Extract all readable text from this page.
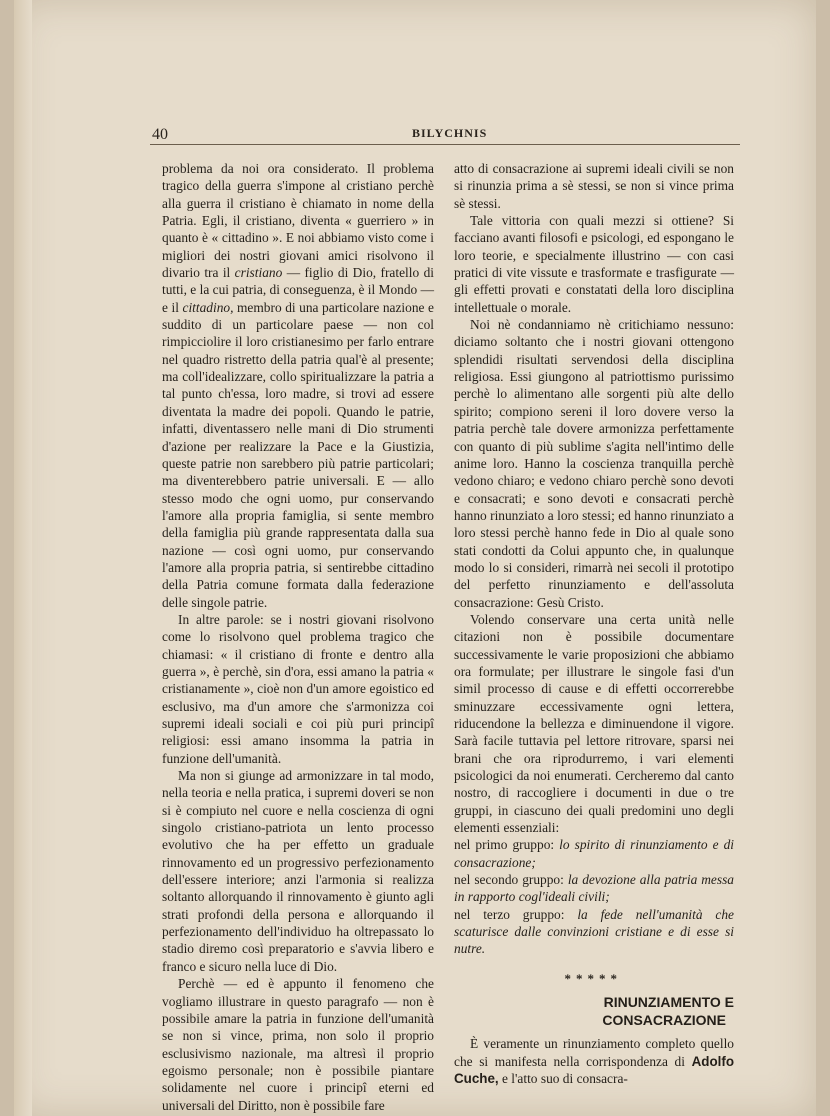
40	BILYCHNIS

problema da noi ora considerato. Il problema tragico della guerra s'impone al cristiano perchè alla guerra il cristiano è chiamato in nome della Patria. Egli, il cristiano, diventa « guerriero » in quanto è « cittadino ». E noi abbiamo visto come i migliori dei nostri giovani amici risolvono il divario tra il cristiano — figlio di Dio, fratello di tutti, e la cui patria, di conseguenza, è il Mondo — e il cittadino, membro di una particolare nazione e suddito di un particolare paese — non col rimpicciolire il loro cristianesimo per farlo entrare nel quadro ristretto della patria qual'è al presente; ma coll'idealizzare, collo spiritualizzare la patria a tal punto ch'essa, loro madre, si trovi ad essere diventata la madre dei popoli. Quando le patrie, infatti, diventassero nelle mani di Dio strumenti d'azione per realizzare la Pace e la Giustizia, queste patrie non sarebbero più patrie particolari; ma diventerebbero patrie universali. E — allo stesso modo che ogni uomo, pur conservando l'amore alla propria famiglia, si sente membro della famiglia più grande rappresentata dalla sua nazione — così ogni uomo, pur conservando l'amore alla propria patria, si sentirebbe cittadino della Patria comune formata dalla federazione delle singole patrie.

In altre parole: se i nostri giovani risolvono come lo risolvono quel problema tragico che chiamasi: « il cristiano di fronte e dentro alla guerra », è perchè, sin d'ora, essi amano la patria « cristianamente », cioè non d'un amore egoistico ed esclusivo, ma d'un amore che s'armonizza coi supremi ideali sociali e coi più puri principî religiosi: essi amano insomma la patria in funzione dell'umanità.

Ma non si giunge ad armonizzare in tal modo, nella teoria e nella pratica, i supremi doveri se non si è compiuto nel cuore e nella coscienza di ogni singolo cristiano-patriota un lento processo evolutivo che ha per effetto un graduale rinnovamento ed un progressivo perfezionamento dell'essere interiore; anzi l'armonia si realizza soltanto allorquando il rinnovamento è giunto agli strati profondi della persona e allorquando il perfezionamento dell'individuo ha oltrepassato lo stadio diremo così preparatorio e s'avvia libero e franco e sicuro nella luce di Dio.

Perchè — ed è appunto il fenomeno che vogliamo illustrare in questo paragrafo — non è possibile amare la patria in funzione dell'umanità se non si vince, prima, non solo il proprio esclusivismo nazionale, ma altresì il proprio egoismo personale; non è possibile piantare solidamente nel cuore i principî eterni ed universali del Diritto, non è possibile fare

atto di consacrazione ai supremi ideali civili se non si rinunzia prima a sè stessi, se non si vince prima sè stessi.

Tale vittoria con quali mezzi si ottiene? Si facciano avanti filosofi e psicologi, ed espongano le loro teorie, e specialmente illustrino — con casi pratici di vite vissute e trasformate e trasfigurate — gli effetti provati e constatati della loro disciplina intellettuale o morale.

Noi nè condanniamo nè critichiamo nessuno: diciamo soltanto che i nostri giovani ottengono splendidi risultati servendosi della disciplina religiosa. Essi giungono al patriottismo purissimo perchè lo alimentano alle sorgenti più alte dello spirito; compiono sereni il loro dovere verso la patria perchè tale dovere armonizza perfettamente con quanto di più sublime s'agita nell'intimo delle anime loro. Hanno la coscienza tranquilla perchè vedono chiaro; e vedono chiaro perchè sono devoti e consacrati; e sono devoti e consacrati perchè hanno rinunziato a loro stessi; ed hanno rinunziato a loro stessi perchè hanno fede in Dio al quale sono stati condotti da Colui appunto che, in qualunque modo lo si consideri, rimarrà nei secoli il prototipo del perfetto rinunziamento e dell'assoluta consacrazione: Gesù Cristo.

Volendo conservare una certa unità nelle citazioni non è possibile documentare successivamente le varie proposizioni che abbiamo ora formulate; per illustrare le singole fasi d'un simil processo di cause e di effetti occorrerebbe sminuzzare eccessivamente ogni lettera, riducendone la bellezza e diminuendone il vigore. Sarà facile tuttavia pel lettore ritrovare, sparsi nei brani che ora riprodurremo, i vari elementi psicologici da noi enumerati. Cercheremo dal canto nostro, di raccogliere i documenti in due o tre gruppi, in ciascuno dei quali predomini uno degli elementi essenziali:

nel primo gruppo: lo spirito di rinunziamento e di consacrazione;

nel secondo gruppo: la devozione alla patria messa in rapporto cogl'ideali civili;

nel terzo gruppo: la fede nell'umanità che scaturisce dalle convinzioni cristiane e di esse si nutre.

*****

RINUNZIAMENTO E

CONSACRAZIONE

È veramente un rinunziamento completo quello che si manifesta nella corrispondenza di Adolfo Cuche, e l'atto suo di consacra-
